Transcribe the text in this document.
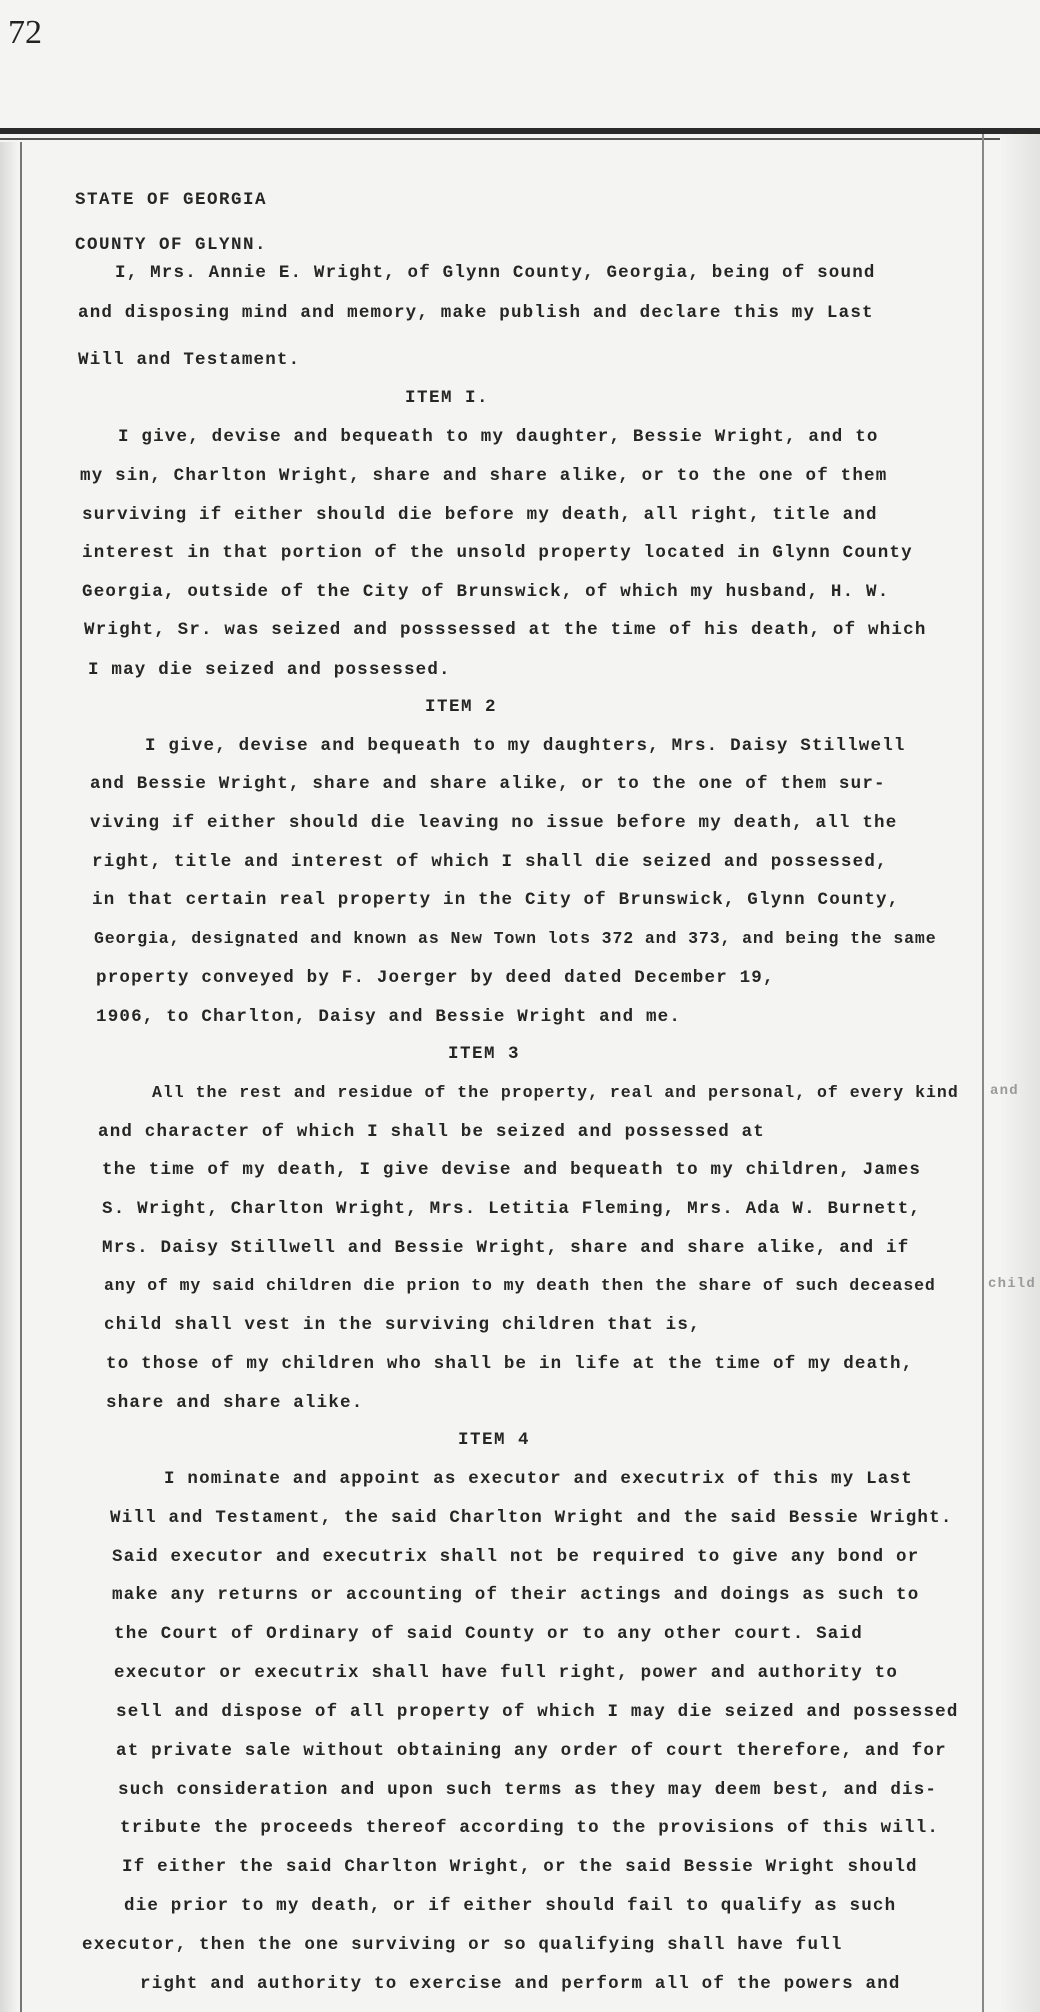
72
STATE OF GEORGIA
COUNTY OF GLYNN.
I, Mrs. Annie E. Wright, of Glynn County, Georgia, being of sound
and disposing mind and memory, make publish and declare this my Last
Will and Testament.
ITEM I.
I give, devise and bequeath to my daughter, Bessie Wright, and to
my sin, Charlton Wright, share and share alike, or to the one of them
surviving if either should die before my death, all right, title and
interest in that portion of the unsold property located in Glynn County
Georgia, outside of the City of Brunswick, of which my husband, H. W.
Wright, Sr. was seized and posssessed at the time of his death, of which
I may die seized and possessed.
ITEM 2
I give, devise and bequeath to my daughters, Mrs. Daisy Stillwell
and Bessie Wright, share and share alike, or to the one of them sur-
viving if either should die leaving no issue before my death, all the
right, title and interest of which I shall die seized and possessed,
in that certain real property in the City of Brunswick, Glynn County,
Georgia, designated and known as New Town lots 372 and 373, and being the same
property conveyed by F. Joerger by deed dated December 19,
1906, to Charlton, Daisy and Bessie Wright and me.
ITEM 3
All the rest and residue of the property, real and personal, of every kind and
and character of which I shall be seized and possessed at
the time of my death, I give devise and bequeath to my children, James
S. Wright, Charlton Wright, Mrs. Letitia Fleming, Mrs. Ada W. Burnett,
Mrs. Daisy Stillwell and Bessie Wright, share and share alike, and if
any of my said children die prion to my death then the share of such deceased	child
child shall vest in the surviving children that is,
to those of my children who shall be in life at the time of my death,
share and share alike.
ITEM 4
I nominate and appoint as executor and executrix of this my Last
Will and Testament, the said Charlton Wright and the said Bessie Wright.
Said executor and executrix shall not be required to give any bond or
make any returns or accounting of their actings and doings as such to
the Court of Ordinary of said County or to any other court. Said
executor or executrix shall have full right, power and authority to
sell and dispose of all property of which I may die seized and possessed
at private sale without obtaining any order of court therefore, and for
such consideration and upon such terms as they may deem best, and dis-
tribute the proceeds thereof according to the provisions of this will.
If either the said Charlton Wright, or the said Bessie Wright should
die prior to my death, or if either should fail to qualify as such
executor, then the one surviving or so qualifying shall have full
right and authority to exercise and perform all of the powers and
